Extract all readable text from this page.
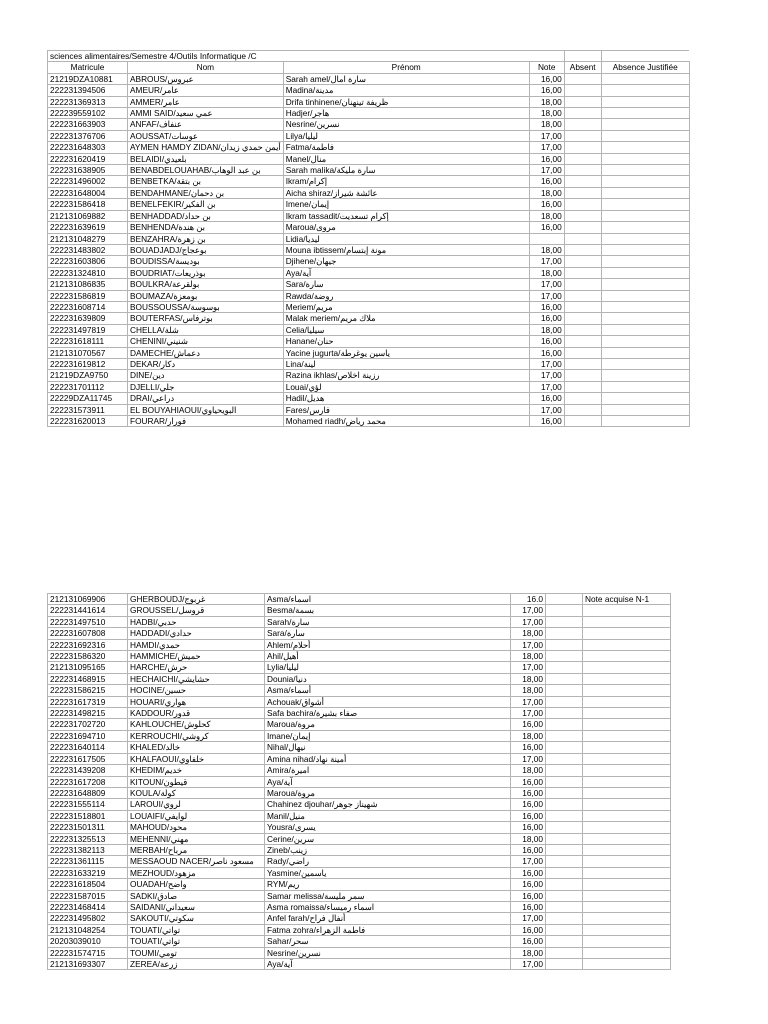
sciences alimentaires/Semestre 4/Outils Informatique /C					
Matricule	Nom	Prénom	Note	Absent	Absence Justifiée
21219DZA10881	ABROUS/عبروس	Sarah amel/سارة امال	16,00		
222231394506	AMEUR/عامر	Madina/مدينة	16,00		
222231369313	AMMER/عامر	Drifa tinhinene/ظريفة تينهنان	18,00		
222239559102	AMMI SAID/عمي سعيد	Hadjer/هاجر	18,00		
222231663903	ANFAF/عنفاف	Nesrine/نسرين	18,00		
222231376706	AOUSSAT/عوسات	Lilya/ليليا	17,00		
222231648303	AYMEN HAMDY ZIDAN/أيمن حمدي زيدان	Fatma/فاطمة	17,00		
222231620419	BELAIDI/بلعيدي	Manel/منال	16,00		
222231638905	BENABDELOUAHAB/بن عبد الوهاب	Sarah malika/سارة مليكة	17,00		
222231496002	BENBETKA/بن بتقة	Ikram/إكرام	16,00		
222231648004	BENDAHMANE/بن دحمان	Aicha shiraz/عائشة شيراز	18,00		
222231586418	BENELFEKIR/بن الفكير	Imene/إيمان	16,00		
212131069882	BENHADDAD/بن حداد	Ikram tassadit/إكرام تسعديت	18,00		
222231639619	BENHENDA/بن هندة	Maroua/مروى	16,00		
212131048279	BENZAHRA/بن زهرة	Lidia/ليديا			
222231483802	BOUADJADJ/بوعجاج	Mouna ibtissem/مونة إبتسام	18,00		
222231603806	BOUDISSA/بوديسة	Djihene/جيهان	17,00		
222231324810	BOUDRIAT/بوذريعات	Aya/آية	18,00		
212131086835	BOULKRA/بولقرعة	Sara/سارة	17,00		
222231586819	BOUMAZA/بومعزة	Rawda/روضة	17,00		
222231608714	BOUSSOUSSA/بوسوسة	Meriem/مريم	16,00		
222231639809	BOUTERFAS/بوترفاس	Malak meriem/ملاك مريم	16,00		
222231497819	CHELLA/شلة	Celia/سيليا	18,00		
222231618111	CHENINI/شنيني	Hanane/حنان	16,00		
212131070567	DAMECHE/دعماش	Yacine jugurta/ياسين يوغرطة	16,00		
222231619812	DEKAR/دكار	Lina/لينة	17,00		
21219DZA9750	DINE/دين	Razina ikhlas/رزينة اخلاص	17,00		
222231701112	DJELLI/جلي	Louai/لؤي	17,00		
22229DZA11745	DRAI/دراعي	Hadil/هديل	16,00		
222231573911	EL BOUYAHIAOUI/البويحياوي	Fares/فارس	17,00		
222231620013	FOURAR/فورار	Mohamed riadh/محمد رياض	16,00		
212131069906	GHERBOUDJ/غربوج	Asma/اسماء	16.0		Note acquise N-1
222231441614	GROUSSEL/قروسل	Besma/بسمة	17,00		
222231497510	HADBI/حدبي	Sarah/سارة	17,00		
222231607808	HADDADI/حدادي	Sara/سارة	18,00		
222231692316	HAMDI/حمدي	Ahlem/أحلام	17,00		
222231586320	HAMMICHE/حميش	Ahil/أهيل	18,00		
212131095165	HARCHE/حرش	Lylia/ليليا	17,00		
222231468915	HECHAICHI/حشايشي	Dounia/دنيا	18,00		
222231586215	HOCINE/حسين	Asma/أسماء	18,00		
222231617319	HOUARI/هواري	Achouak/أشواق	17,00		
222231498215	KADDOUR/قدور	Safa bachira/صفاء بشيرة	17,00		
222231702720	KAHLOUCHE/كحلوش	Maroua/مروة	16,00		
222231694710	KERROUCHI/كروشي	Imane/إيمان	18,00		
222231640114	KHALED/خالد	Nihal/نيهال	16,00		
222231617505	KHALFAOUI/خلفاوي	Amina nihad/أمينة نهاد	17,00		
222231439208	KHEDIM/خديم	Amira/اميرة	18,00		
222231617208	KITOUN/قيطون	Aya/آية	16,00		
222231648809	KOULA/كولة	Maroua/مروة	16,00		
222231555114	LAROUI/لروي	Chahinez djouhar/شهيناز جوهر	16,00		
222231518801	LOUAIFI/لوايفي	Manil/منيل	16,00		
222231501311	MAHOUD/محود	Yousra/يسرى	16,00		
222231325513	MEHENNI/مهني	Cerine/سرين	18,00		
222231382113	MERBAH/مرباح	Zineb/زينب	16,00		
222231361115	MESSAOUD NACER/مسعود ناصر	Rady/راضي	17,00		
222231633219	MEZHOUD/مزهود	Yasmine/ياسمين	16,00		
222231618504	OUADAH/واضح	RYM/ريم	16,00		
222231587015	SADKI/صادق	Samar melissa/سمر مليسة	16,00		
222231468414	SAIDANI/سعيداني	Asma romaissa/اسماء رميساء	16,00		
222231495802	SAKOUTI/سكوتي	Anfel farah/أنفال فراح	17,00		
212131048254	TOUATI/تواتي	Fatma zohra/فاطمة الزهراء	16,00		
20203039010	TOUATI/تواتي	Sahar/سحر	16,00		
222231574715	TOUMI/تومي	Nesrine/نسرين	18,00		
212131693307	ZEREA/زرعة	Aya/آية	17,00		
